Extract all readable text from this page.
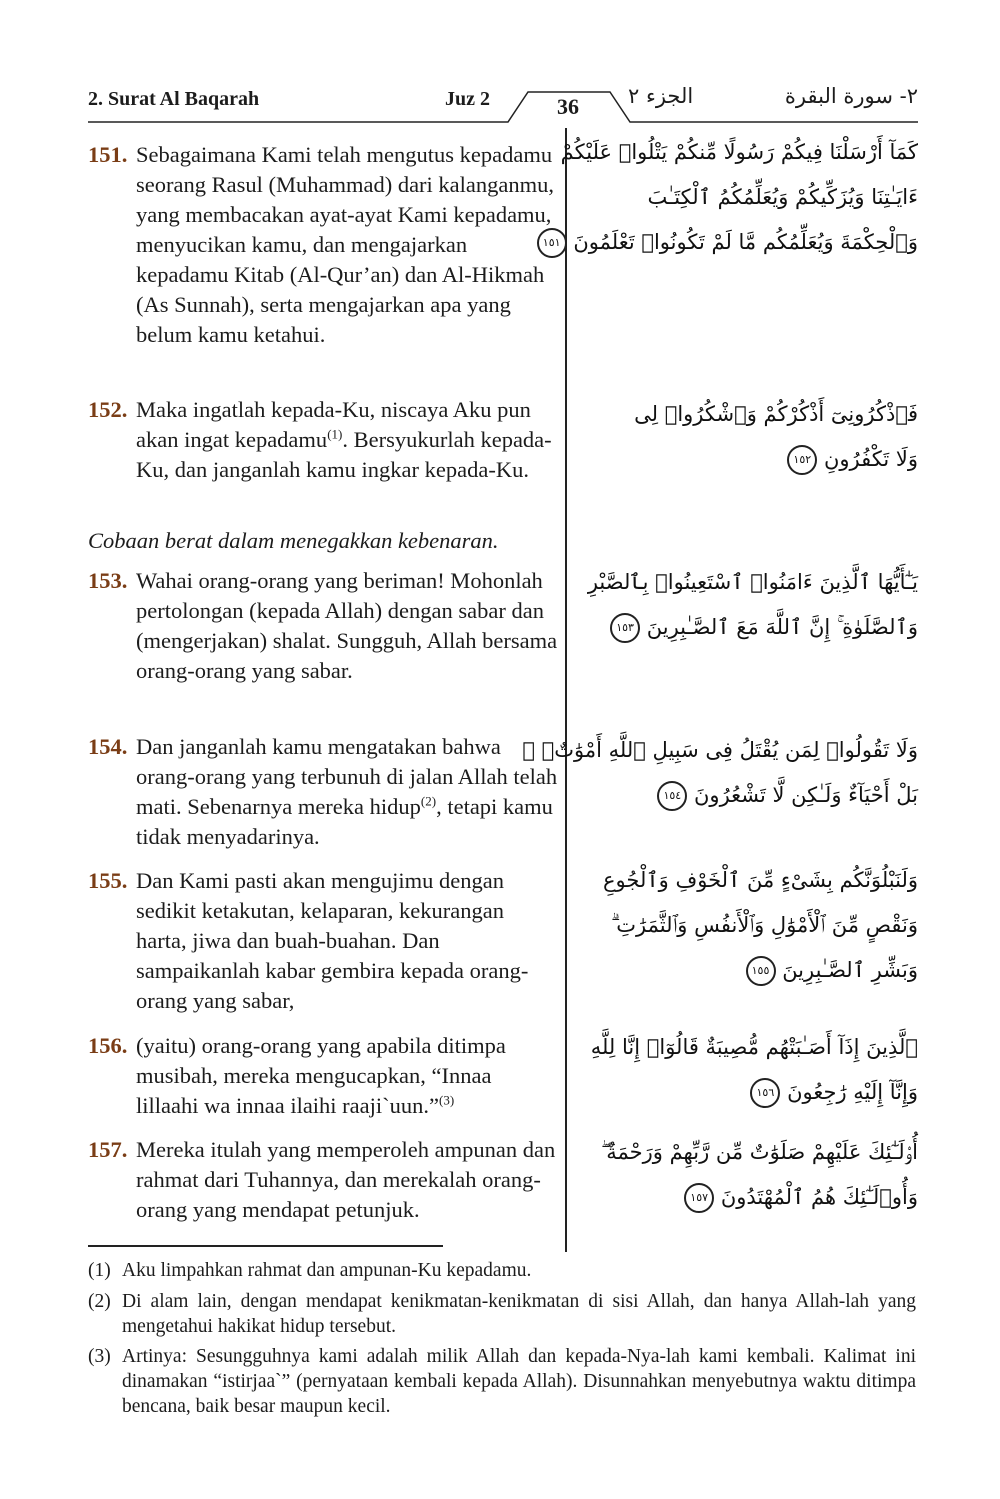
2. Surat Al Baqarah	Juz 2	36	الجزء ٢	٢- سورة البقرة
151. Sebagaimana Kami telah mengutus kepadamu seorang Rasul (Muhammad) dari kalanganmu, yang membacakan ayat-ayat Kami kepadamu, menyucikan kamu, dan mengajarkan kepadamu Kitab (Al-Qur’an) dan Al-Hikmah (As Sunnah), serta mengajarkan apa yang belum kamu ketahui.
152. Maka ingatlah kepada-Ku, niscaya Aku pun akan ingat kepadamu$^{(1)}$. Bersyukurlah kepada-Ku, dan janganlah kamu ingkar kepada-Ku.
Cobaan berat dalam menegakkan kebenaran.
153. Wahai orang-orang yang beriman! Mohonlah pertolongan (kepada Allah) dengan sabar dan (mengerjakan) shalat. Sungguh, Allah bersama orang-orang yang sabar.
154. Dan janganlah kamu mengatakan bahwa orang-orang yang terbunuh di jalan Allah telah mati. Sebenarnya mereka hidup$^{(2)}$, tetapi kamu tidak menyadarinya.
155. Dan Kami pasti akan mengujimu dengan sedikit ketakutan, kelaparan, kekurangan harta, jiwa dan buah-buahan. Dan sampaikanlah kabar gembira kepada orang-orang yang sabar,
156. (yaitu) orang-orang yang apabila ditimpa musibah, mereka mengucapkan, “Innaa lillaahi wa innaa ilaihi raaji`uun.”$^{(3)}$
157. Mereka itulah yang memperoleh ampunan dan rahmat dari Tuhannya, dan merekalah orang-orang yang mendapat petunjuk.
كَمَآ أَرْسَلْنَا فِيكُمْ رَسُولًا مِّنكُمْ يَتْلُوا۟ عَلَيْكُمْ
ءَايَـٰتِنَا وَيُزَكِّيكُمْ وَيُعَلِّمُكُمُ ٱلْكِتَـٰبَ
وَٱلْحِكْمَةَ وَيُعَلِّمُكُم مَّا لَمْ تَكُونُوا۟ تَعْلَمُونَ ١٥١
فَٱذْكُرُونِىٓ أَذْكُرْكُمْ وَٱشْكُرُوا۟ لِى
وَلَا تَكْفُرُونِ ١٥٢
يَـٰٓأَيُّهَا ٱلَّذِينَ ءَامَنُوا۟ ٱسْتَعِينُوا۟ بِٱلصَّبْرِ
وَٱلصَّلَوٰةِ ۚ إِنَّ ٱللَّهَ مَعَ ٱلصَّـٰبِرِينَ ١٥٣
وَلَا تَقُولُوا۟ لِمَن يُقْتَلُ فِى سَبِيلِ ٱللَّهِ أَمْوَٰتٌۢ ۚ
بَلْ أَحْيَآءٌ وَلَـٰكِن لَّا تَشْعُرُونَ ١٥٤
وَلَنَبْلُوَنَّكُم بِشَىْءٍ مِّنَ ٱلْخَوْفِ وَٱلْجُوعِ
وَنَقْصٍ مِّنَ ٱلْأَمْوَٰلِ وَٱلْأَنفُسِ وَٱلثَّمَرَٰتِ ۗ
وَبَشِّرِ ٱلصَّـٰبِرِينَ ١٥٥
ٱلَّذِينَ إِذَآ أَصَـٰبَتْهُم مُّصِيبَةٌ قَالُوٓا۟ إِنَّا لِلَّهِ
وَإِنَّآ إِلَيْهِ رَٰجِعُونَ ١٥٦
أُو۟لَـٰٓئِكَ عَلَيْهِمْ صَلَوَٰتٌ مِّن رَّبِّهِمْ وَرَحْمَةٌ ۖ
وَأُو۟لَـٰٓئِكَ هُمُ ٱلْمُهْتَدُونَ ١٥٧
(1) Aku limpahkan rahmat dan ampunan-Ku kepadamu.
(2) Di alam lain, dengan mendapat kenikmatan-kenikmatan di sisi Allah, dan hanya Allah-lah yang mengetahui hakikat hidup tersebut.
(3) Artinya: Sesungguhnya kami adalah milik Allah dan kepada-Nya-lah kami kembali. Kalimat ini dinamakan “istirjaa`” (pernyataan kembali kepada Allah). Disunnahkan menyebutnya waktu ditimpa bencana, baik besar maupun kecil.
